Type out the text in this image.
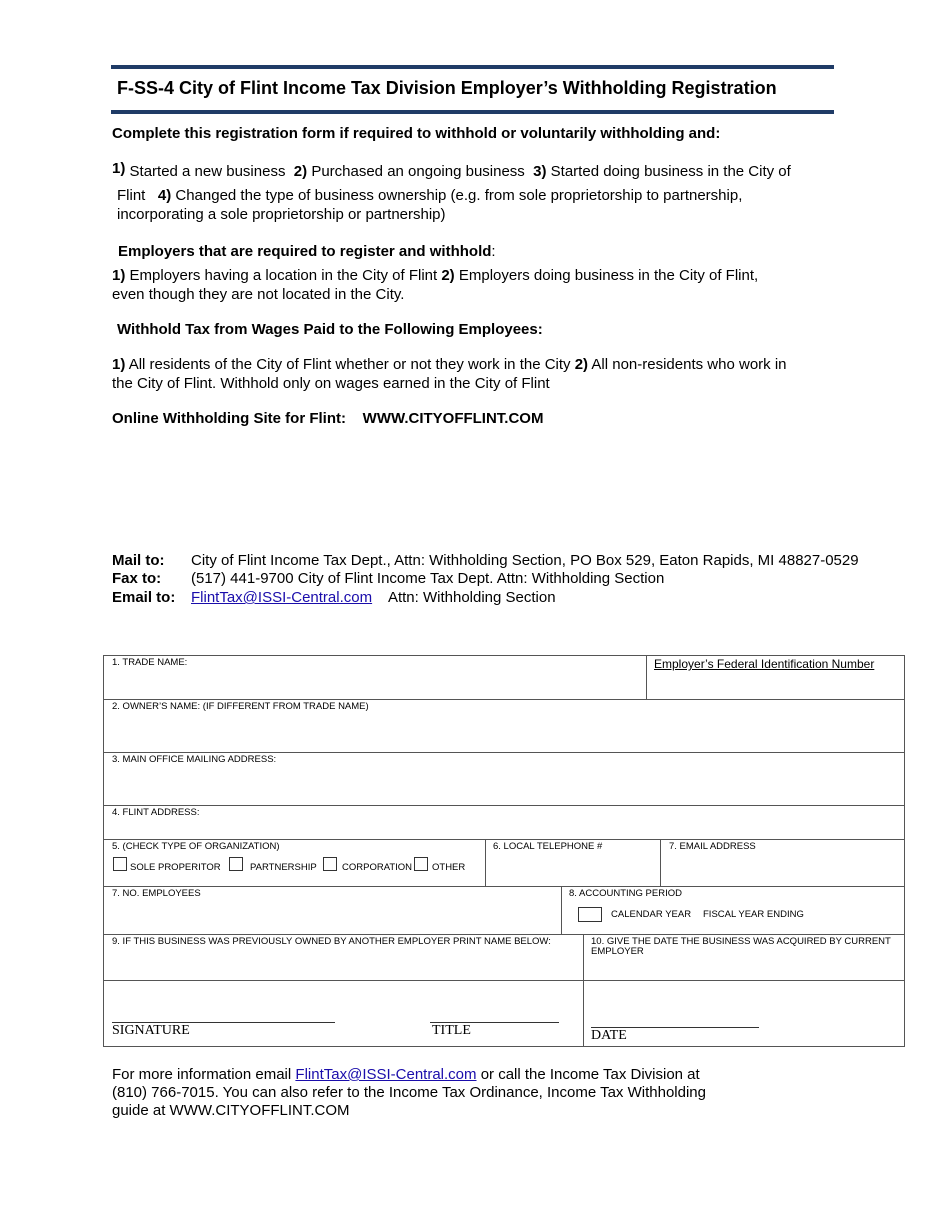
F-SS-4 City of Flint Income Tax Division Employer’s Withholding Registration
Complete this registration form if required to withhold or voluntarily withholding and:
1) Started a new business 2) Purchased an ongoing business 3) Started doing business in the City of
Flint 4) Changed the type of business ownership (e.g. from sole proprietorship to partnership,
incorporating a sole proprietorship or partnership)
Employers that are required to register and withhold:
1) Employers having a location in the City of Flint 2) Employers doing business in the City of Flint,
even though they are not located in the City.
Withhold Tax from Wages Paid to the Following Employees:
1) All residents of the City of Flint whether or not they work in the City 2) All non-residents who work in
the City of Flint. Withhold only on wages earned in the City of Flint
Online Withholding Site for Flint: WWW.CITYOFFLINT.COM
Mail to: City of Flint Income Tax Dept., Attn: Withholding Section, PO Box 529, Eaton Rapids, MI 48827-0529
Fax to: (517) 441-9700 City of Flint Income Tax Dept. Attn: Withholding Section
Email to: FlintTax@ISSI-Central.com Attn: Withholding Section
1. TRADE NAME:	Employer’s Federal Identification Number
2. OWNER’S NAME: (IF DIFFERENT FROM TRADE NAME)
3. MAIN OFFICE MAILING ADDRESS:
4. FLINT ADDRESS:
5. (CHECK TYPE OF ORGANIZATION)
SOLE PROPERITOR	PARTNERSHIP	CORPORATION OTHER
6. LOCAL TELEPHONE #	7. EMAIL ADDRESS
7. NO. EMPLOYEES	8. ACCOUNTING PERIOD
CALENDAR YEAR FISCAL YEAR ENDING
9. IF THIS BUSINESS WAS PREVIOUSLY OWNED BY ANOTHER EMPLOYER PRINT NAME BELOW:	10. GIVE THE DATE THE BUSINESS WAS ACQUIRED BY CURRENT
EMPLOYER
SIGNATURE	TITLE	DATE
For more information email FlintTax@ISSI-Central.com or call the Income Tax Division at
(810) 766-7015. You can also refer to the Income Tax Ordinance, Income Tax Withholding
guide at WWW.CITYOFFLINT.COM
